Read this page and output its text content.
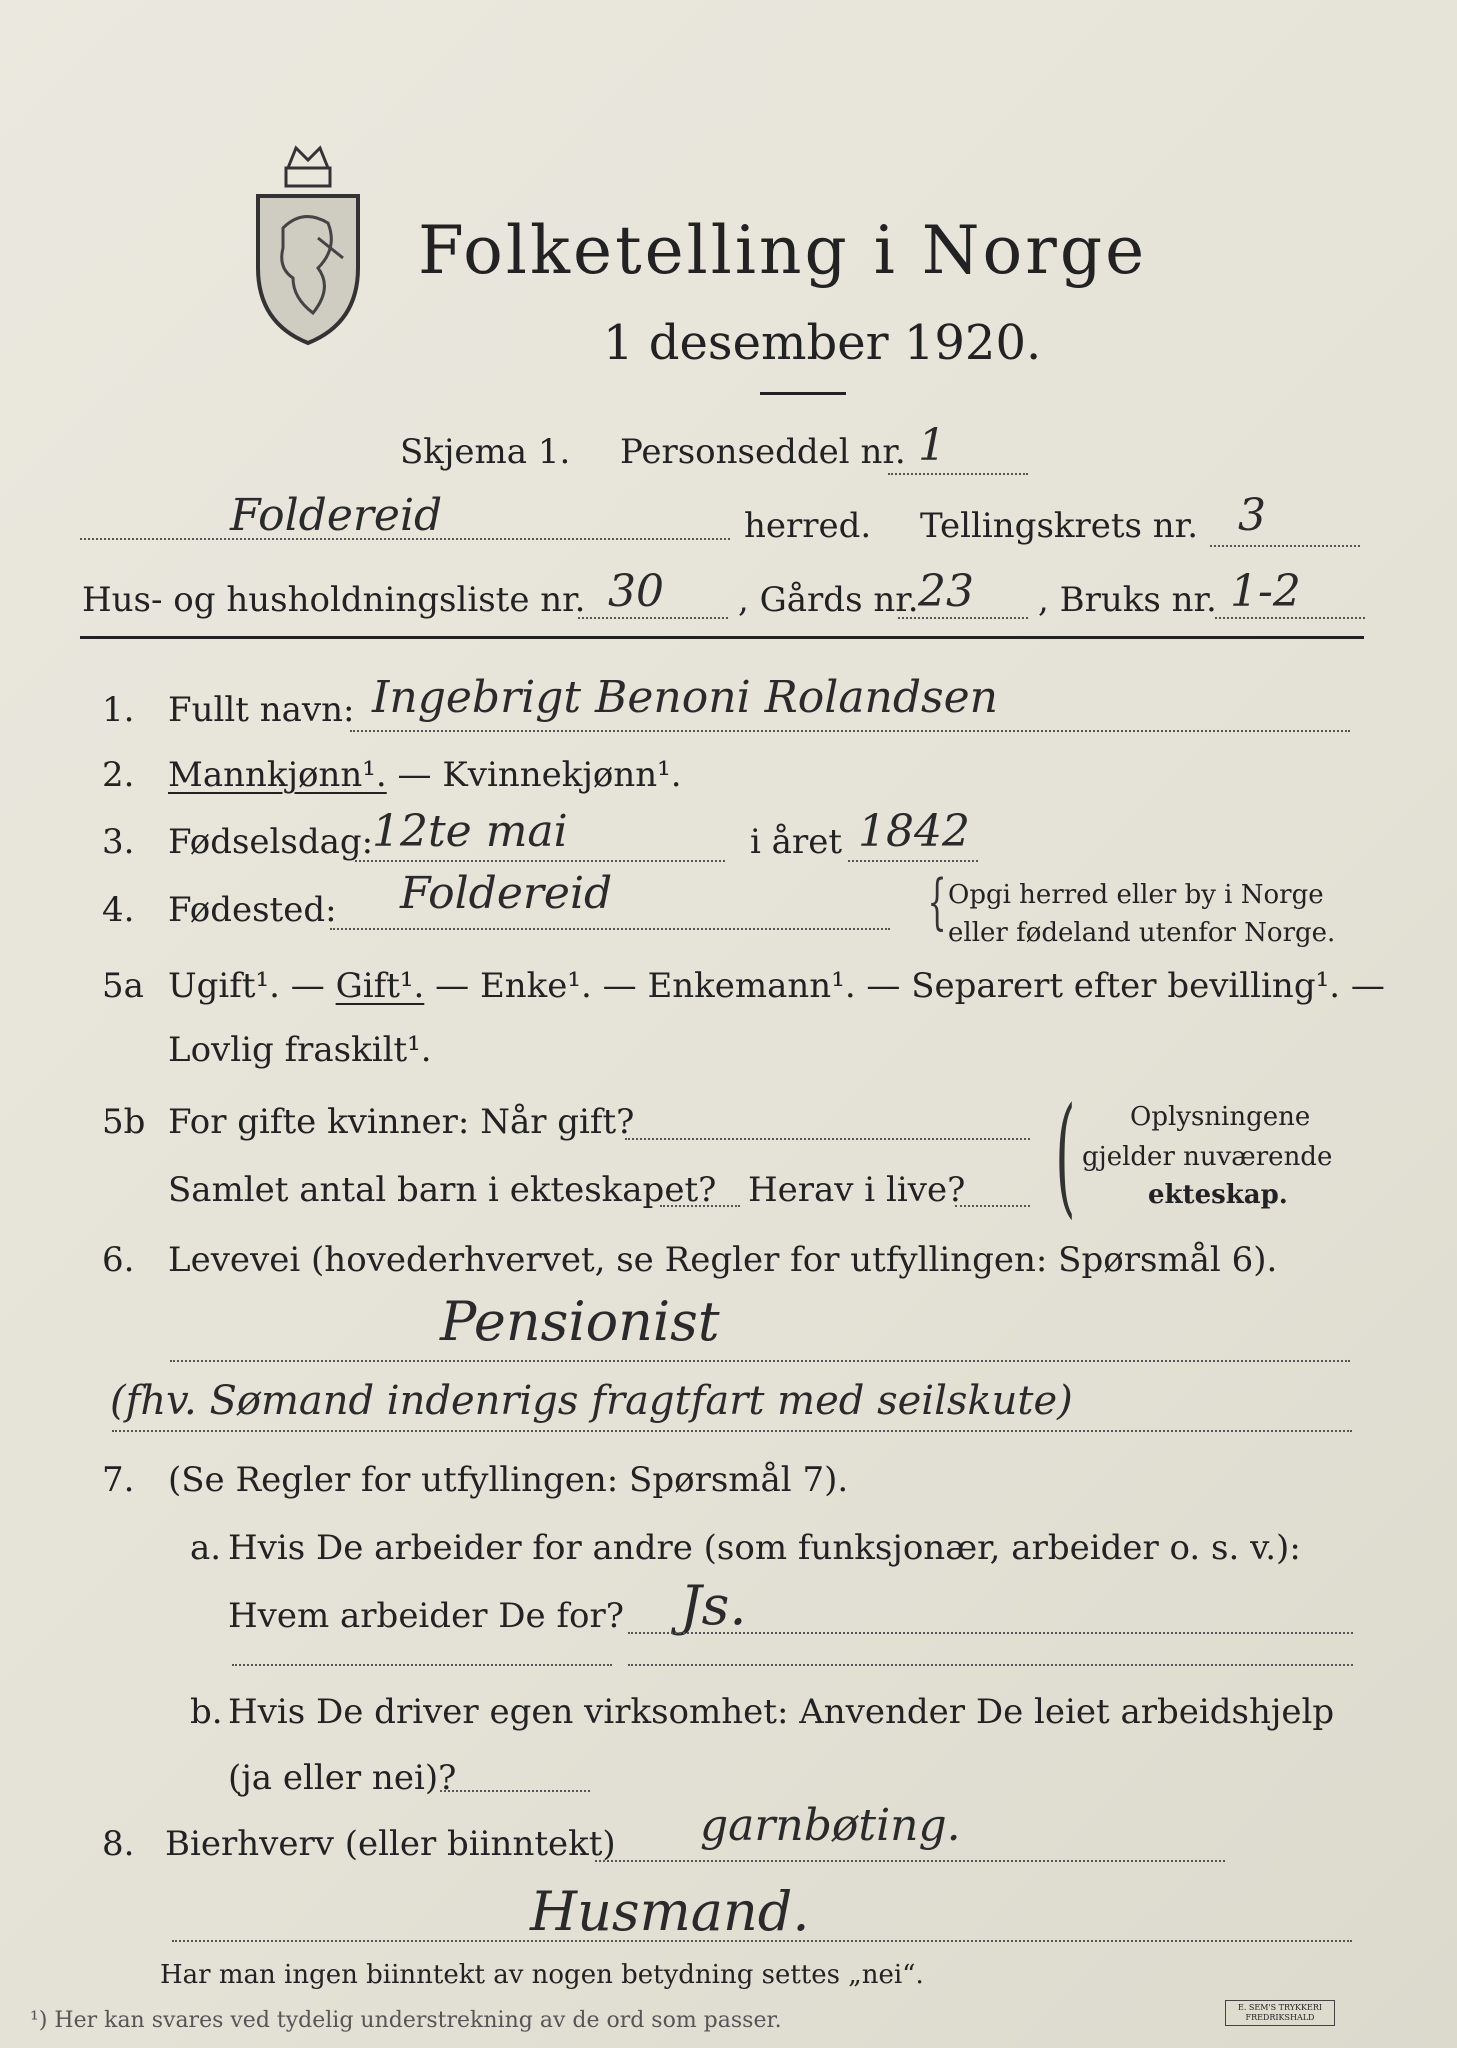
Folketelling i Norge
1 desember 1920.
Skjema 1. Personseddel nr. 1
Foldereid	herred. Tellingskrets nr. 3
Hus- og husholdningsliste nr. 30 , Gårds nr. 23 , Bruks nr. 1-2
1. Fullt navn: Ingebrigt Benoni Rolandsen
2. Mannkjønn¹. — Kvinnekjønn¹.
3. Fødselsdag:
12te mai	i året 1842
4. Fødested: Foldereid	{ Opgi herred eller by i Norge
eller fødeland utenfor Norge.
5a Ugift¹. — Gift¹. — Enke¹. — Enkemann¹. — Separert efter bevilling¹. —
Lovlig fraskilt¹.
5b For gifte kvinner: Når gift?
Samlet antal barn i ekteskapet? Herav i live? ( Oplysningene
gjelder nuværende
ekteskap.
6. Levevei (hovederhvervet, se Regler for utfyllingen: Spørsmål 6).
Pensionist
(fhv. Sømand indenrigs fragtfart med seilskute)
7. (Se Regler for utfyllingen: Spørsmål 7).
a. Hvis De arbeider for andre (som funksjonær, arbeider o. s. v.):
Hvem arbeider De for? Js.
b. Hvis De driver egen virksomhet: Anvender De leiet arbeidshjelp
(ja eller nei)?
8. Bierhverv (eller biinntekt) garnbøting.
Husmand.
Har man ingen biinntekt av nogen betydning settes „nei“.
¹) Her kan svares ved tydelig understrekning av de ord som passer.
E. SEM'S TRYKKERI FREDRIKSHALD
